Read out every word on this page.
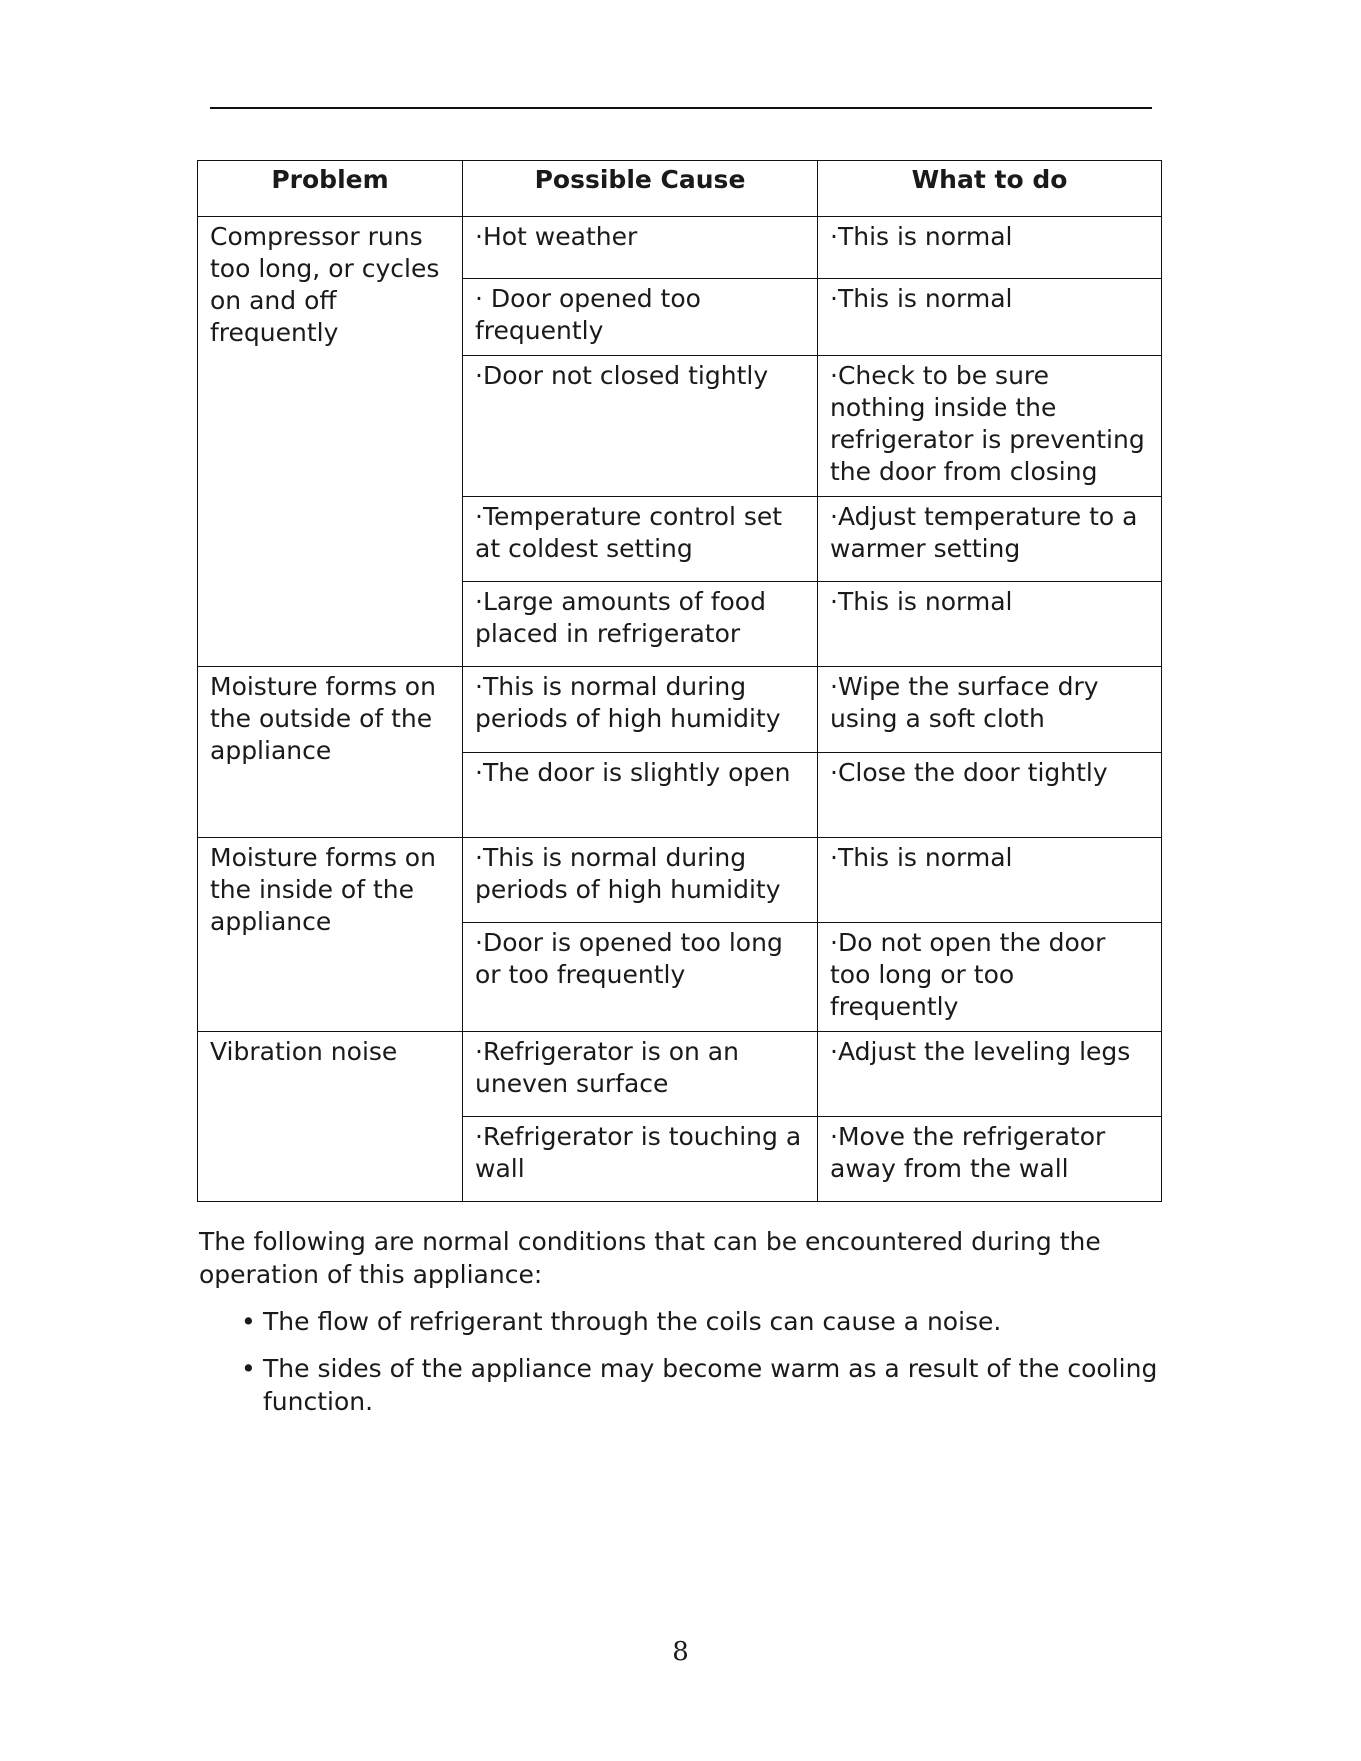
Problem	Possible Cause	What to do
Compressor runs too long, or cycles on and off frequently	·Hot weather	·This is normal
	· Door opened too frequently	·This is normal
	·Door not closed tightly	·Check to be sure nothing inside the refrigerator is preventing the door from closing
	·Temperature control set at coldest setting	·Adjust temperature to a warmer setting
	·Large amounts of food placed in refrigerator	·This is normal
Moisture forms on the outside of the appliance	·This is normal during periods of high humidity	·Wipe the surface dry using a soft cloth
	·The door is slightly open	·Close the door tightly
Moisture forms on the inside of the appliance	·This is normal during periods of high humidity	·This is normal
	·Door is opened too long or too frequently	·Do not open the door too long or too frequently
Vibration noise	·Refrigerator is on an uneven surface	·Adjust the leveling legs
	·Refrigerator is touching a wall	·Move the refrigerator away from the wall

The following are normal conditions that can be encountered during the operation of this appliance:

• The flow of refrigerant through the coils can cause a noise.
• The sides of the appliance may become warm as a result of the cooling function.
8
